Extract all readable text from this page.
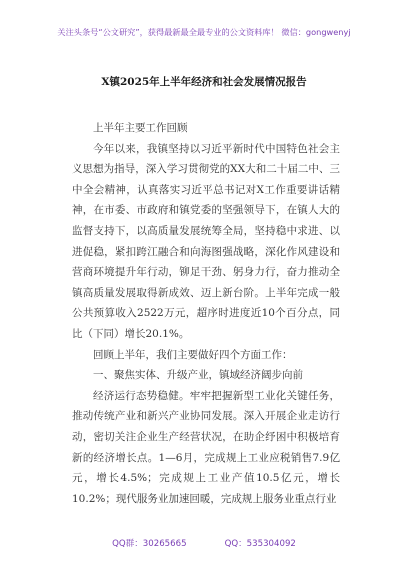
关注头条号“公文研究”，获得最新最全最专业的公文资料库！ 微信：gongwenyj
X镇2025年上半年经济和社会发展情况报告

上半年主要工作回顾

今年以来，我镇坚持以习近平新时代中国特色社会主义思想为指导，深入学习贯彻党的XX大和二十届二中、三中全会精神，认真落实习近平总书记对X工作重要讲话精神，在市委、市政府和镇党委的坚强领导下，在镇人大的监督支持下，以高质量发展统筹全局，坚持稳中求进、以进促稳，紧扣跨江融合和向海图强战略，深化作风建设和营商环境提升年行动，铆足干劲、躬身力行，奋力推动全镇高质量发展取得新成效、迈上新台阶。上半年完成一般公共预算收入2522万元，超序时进度近10个百分点，同比（下同）增长20.1%。

回顾上半年，我们主要做好四个方面工作：

一、聚焦实体、升级产业，镇域经济阔步向前

经济运行态势稳健。牢牢把握新型工业化关键任务，推动传统产业和新兴产业协同发展。深入开展企业走访行动，密切关注企业生产经营状况，在助企纾困中积极培育新的经济增长点。1—6月，完成规上工业应税销售7.9亿元，增长4.5%；完成规上工业产值10.5亿元，增长10.2%；现代服务业加速回暖，完成规上服务业重点行业

QQ群：30265665	QQ：535304092
